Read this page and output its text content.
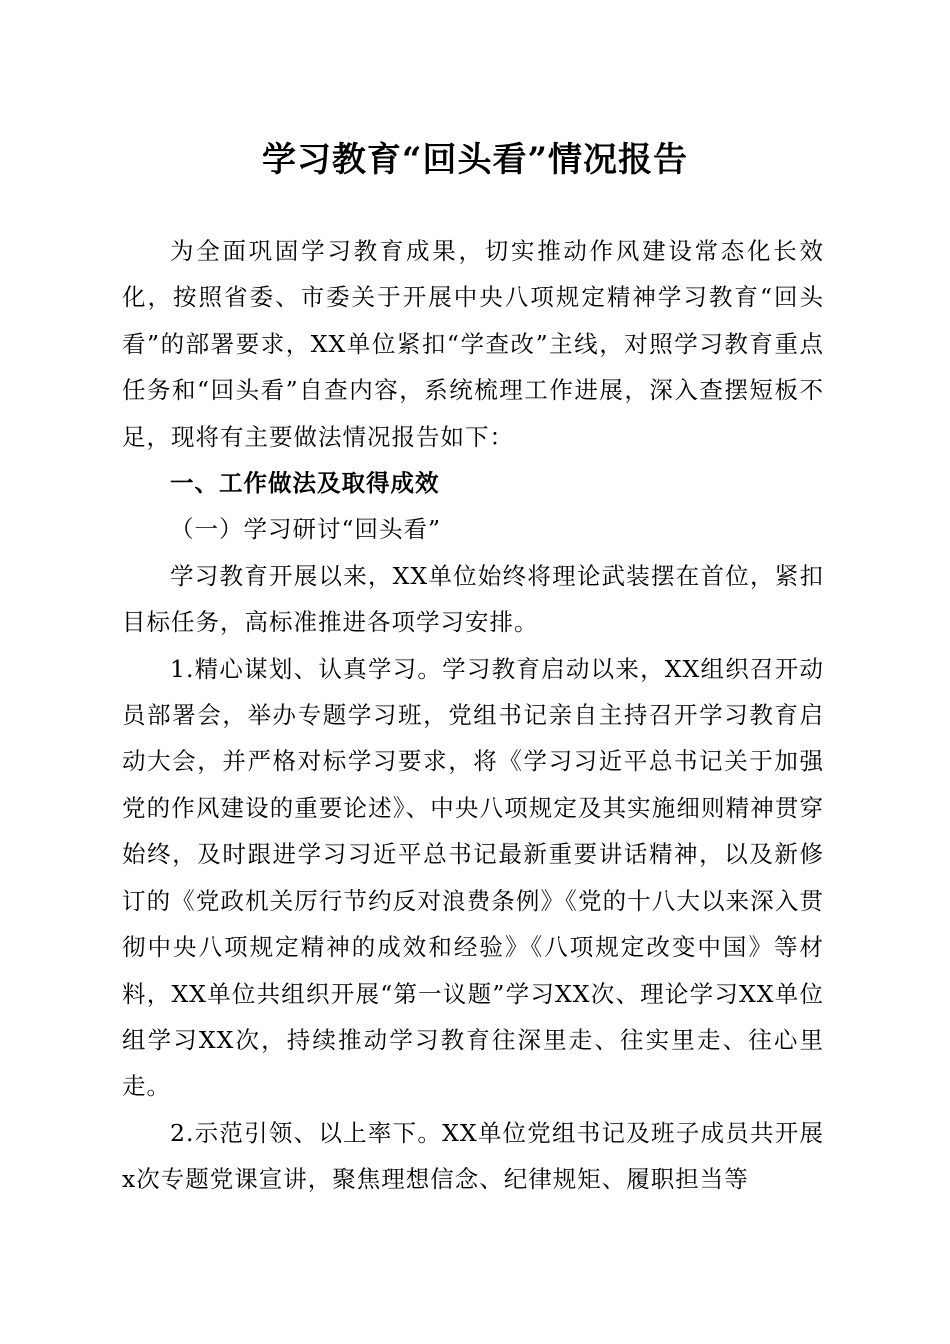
学习教育“回头看”情况报告

为全面巩固学习教育成果，切实推动作风建设常态化长效化，按照省委、市委关于开展中央八项规定精神学习教育“回头看”的部署要求，XX单位紧扣“学查改”主线，对照学习教育重点任务和“回头看”自查内容，系统梳理工作进展，深入查摆短板不足，现将有主要做法情况报告如下：

一、工作做法及取得成效

（一）学习研讨“回头看”

学习教育开展以来，XX单位始终将理论武装摆在首位，紧扣目标任务，高标准推进各项学习安排。

1.精心谋划、认真学习。学习教育启动以来，XX组织召开动员部署会，举办专题学习班，党组书记亲自主持召开学习教育启动大会，并严格对标学习要求，将《学习习近平总书记关于加强党的作风建设的重要论述》、中央八项规定及其实施细则精神贯穿始终，及时跟进学习习近平总书记最新重要讲话精神，以及新修订的《党政机关厉行节约反对浪费条例》《党的十八大以来深入贯彻中央八项规定精神的成效和经验》《八项规定改变中国》等材料，XX单位共组织开展“第一议题”学习XX次、理论学习XX单位组学习XX次，持续推动学习教育往深里走、往实里走、往心里走。

2.示范引领、以上率下。XX单位党组书记及班子成员共开展x次专题党课宣讲，聚焦理想信念、纪律规矩、履职担当等
